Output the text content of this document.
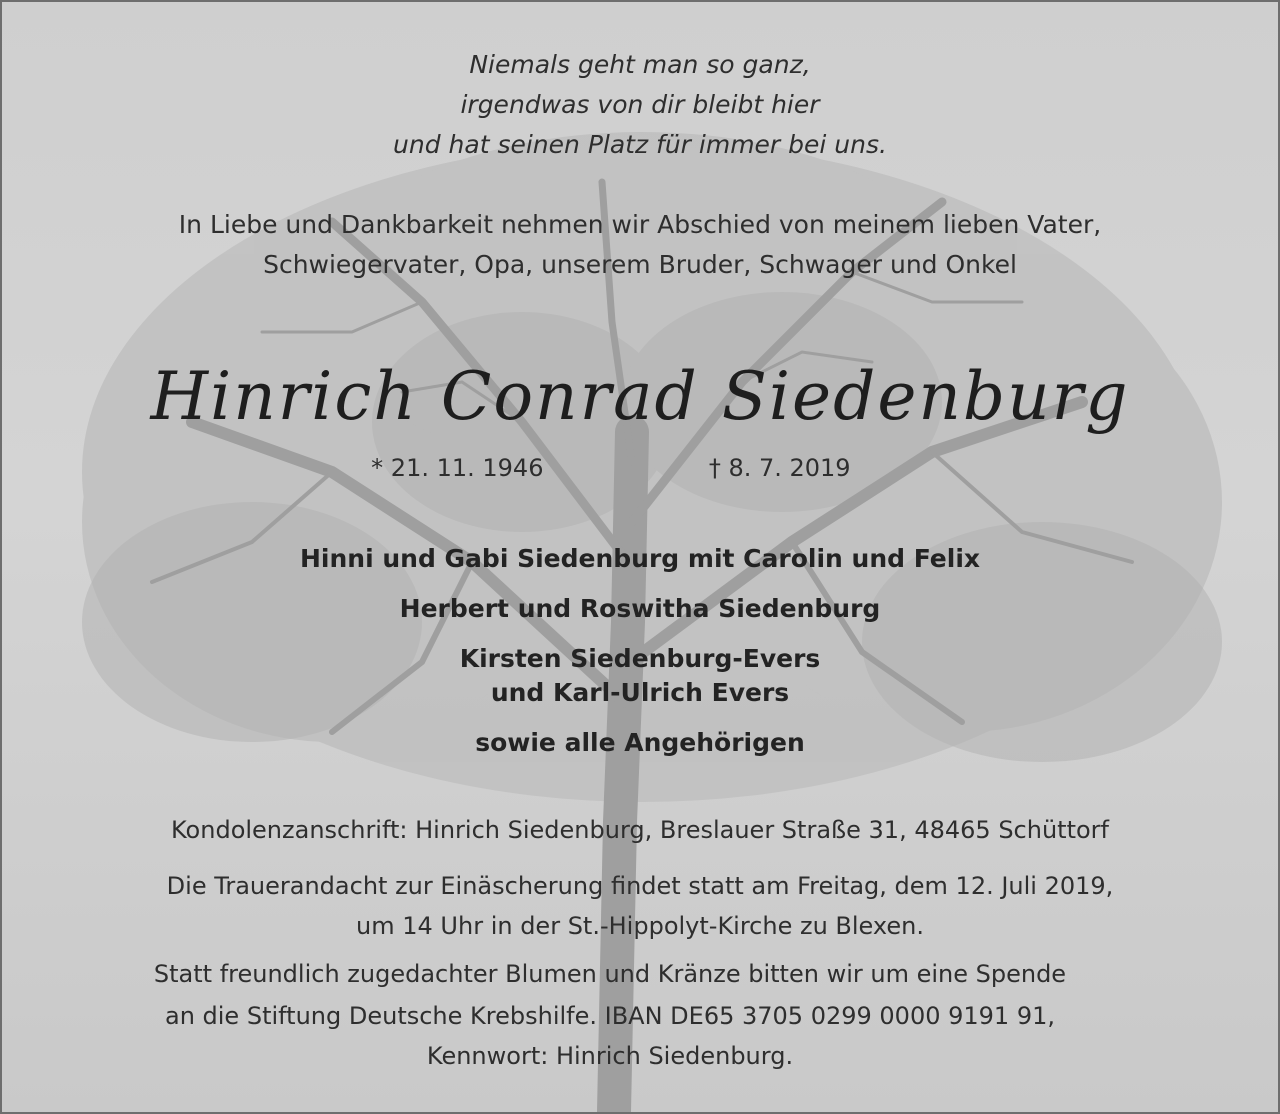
Niemals geht man so ganz,
irgendwas von dir bleibt hier
und hat seinen Platz für immer bei uns.
In Liebe und Dankbarkeit nehmen wir Abschied von meinem lieben Vater,
Schwiegervater, Opa, unserem Bruder, Schwager und Onkel
Hinrich Conrad Siedenburg
* 21. 11. 1946	† 8. 7. 2019
Hinni und Gabi Siedenburg mit Carolin und Felix
Herbert und Roswitha Siedenburg
Kirsten Siedenburg-Evers
und Karl-Ulrich Evers
sowie alle Angehörigen
Kondolenzanschrift: Hinrich Siedenburg, Breslauer Straße 31, 48465 Schüttorf
Die Trauerandacht zur Einäscherung findet statt am Freitag, dem 12. Juli 2019,
um 14 Uhr in der St.-Hippolyt-Kirche zu Blexen.
Statt freundlich zugedachter Blumen und Kränze bitten wir um eine Spende
an die Stiftung Deutsche Krebshilfe. IBAN DE65 3705 0299 0000 9191 91,
Kennwort: Hinrich Siedenburg.
